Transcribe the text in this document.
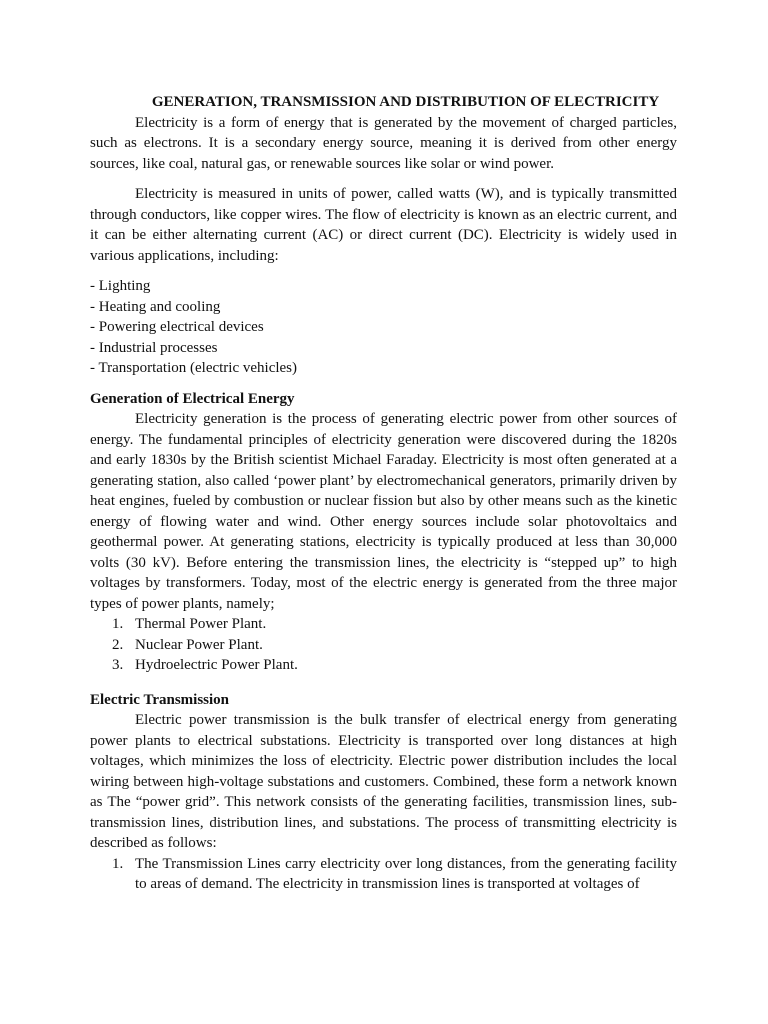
GENERATION, TRANSMISSION AND DISTRIBUTION OF ELECTRICITY

Electricity is a form of energy that is generated by the movement of charged particles, such as electrons. It is a secondary energy source, meaning it is derived from other energy sources, like coal, natural gas, or renewable sources like solar or wind power.

Electricity is measured in units of power, called watts (W), and is typically transmitted through conductors, like copper wires. The flow of electricity is known as an electric current, and it can be either alternating current (AC) or direct current (DC). Electricity is widely used in various applications, including:

- Lighting
- Heating and cooling
- Powering electrical devices
- Industrial processes
- Transportation (electric vehicles)
Generation of Electrical Energy

Electricity generation is the process of generating electric power from other sources of energy. The fundamental principles of electricity generation were discovered during the 1820s and early 1830s by the British scientist Michael Faraday. Electricity is most often generated at a generating station, also called ‘power plant’ by electromechanical generators, primarily driven by heat engines, fueled by combustion or nuclear fission but also by other means such as the kinetic energy of flowing water and wind. Other energy sources include solar photovoltaics and geothermal power. At generating stations, electricity is typically produced at less than 30,000 volts (30 kV). Before entering the transmission lines, the electricity is “stepped up” to high voltages by transformers. Today, most of the electric energy is generated from the three major types of power plants, namely;

1. Thermal Power Plant.
2. Nuclear Power Plant.
3. Hydroelectric Power Plant.
Electric Transmission

Electric power transmission is the bulk transfer of electrical energy from generating power plants to electrical substations. Electricity is transported over long distances at high voltages, which minimizes the loss of electricity. Electric power distribution includes the local wiring between high-voltage substations and customers. Combined, these form a network known as The “power grid”. This network consists of the generating facilities, transmission lines, sub-transmission lines, distribution lines, and substations. The process of transmitting electricity is described as follows:

1. The Transmission Lines carry electricity over long distances, from the generating facility to areas of demand. The electricity in transmission lines is transported at voltages of
